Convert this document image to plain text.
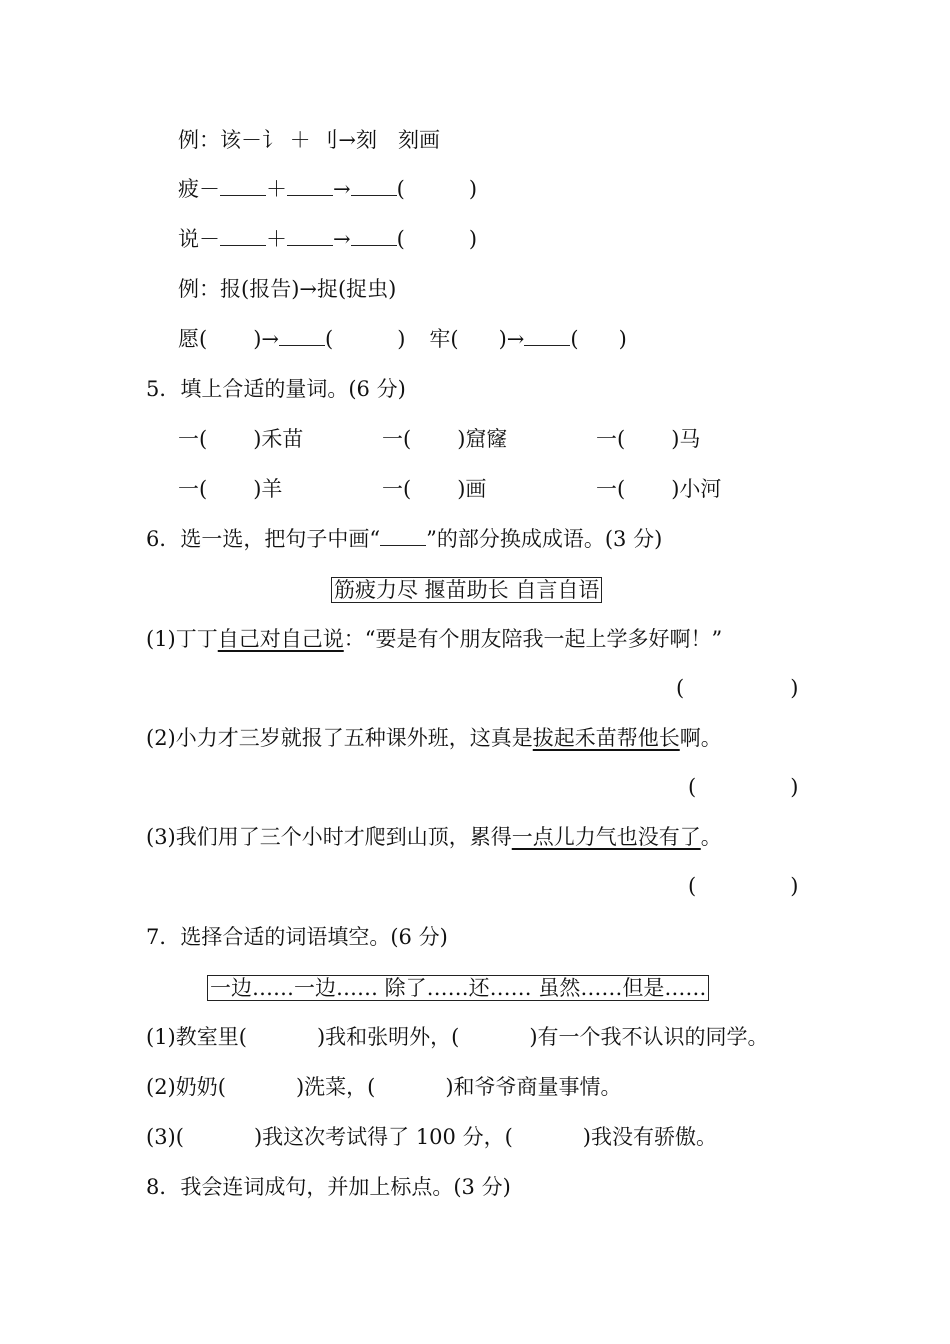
例：该－讠 ＋ 刂→刻　刻画
疲－ ＋ → (	)
说－ ＋ → (	)
例：报(报告)→捉(捉虫)
愿( )→ (	) 牢( )→ ( )
5．填上合适的量词。(6 分)
一( )禾苗	一( )窟窿	一( )马
一( )羊	一( )画	一( )小河
6．选一选，把句子中画“ ”的部分换成成语。(3 分)
筋疲力尽 揠苗助长 自言自语
(1)丁丁自己对自己说：“要是有个朋友陪我一起上学多好啊！”
(	)
(2)小力才三岁就报了五种课外班，这真是拔起禾苗帮他长啊。
(	)
(3)我们用了三个小时才爬到山顶，累得一点儿力气也没有了。
(	)
7．选择合适的词语填空。(6 分)
一边……一边…… 除了……还…… 虽然……但是……
(1)教室里(	)我和张明外，(	)有一个我不认识的同学。
(2)奶奶(	)洗菜，(	)和爷爷商量事情。
(3)(	)我这次考试得了 100 分，(	)我没有骄傲。
8．我会连词成句，并加上标点。(3 分)
